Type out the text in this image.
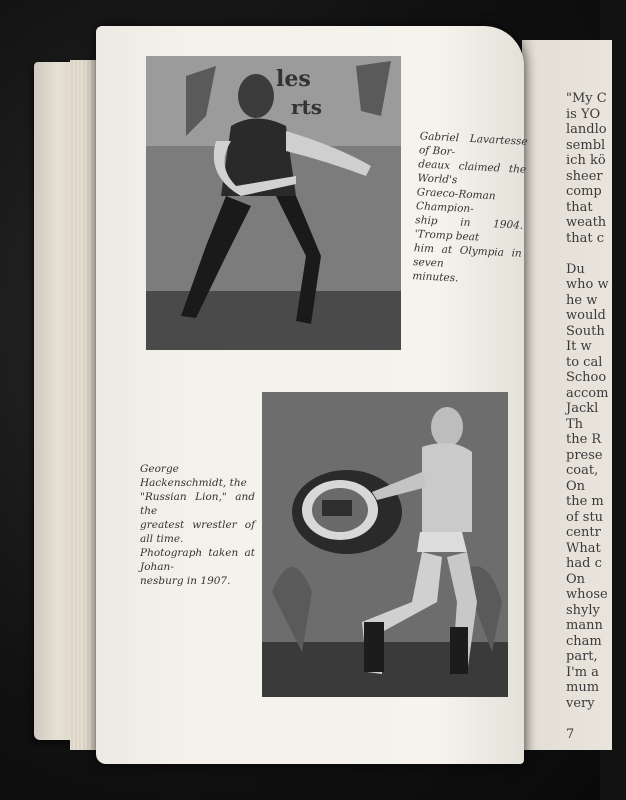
"My C
is YO
landlo
sembl
ich kö
sheer
comp
that
weath
that c
Du
who w
he w
would
South
It w
to cal
Schoo
accom
Jackl
Th
the R
prese
coat,
On
the m
of stu
centr
What
had c
On
whose
shyly
mann
cham
part,
I'm a
mum
very
7
les
rts
Gabriel Lavartesse of Bor-
deaux claimed the World's
Graeco-Roman Champion-
ship in 1904. 'Tromp beat
him at Olympia in seven
minutes.
George Hackenschmidt, the
"Russian Lion," and the
greatest wrestler of all time.
Photograph taken at Johan-
nesburg in 1907.
